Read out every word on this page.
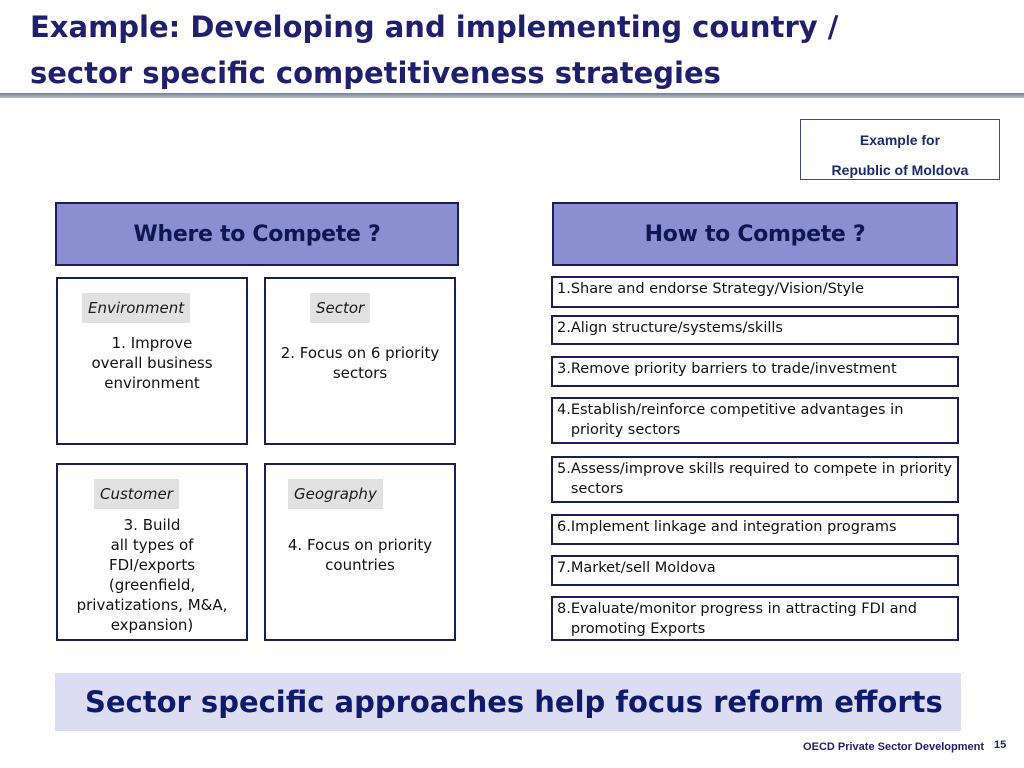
Example: Developing and implementing country /
sector specific competitiveness strategies
Example for
Republic of Moldova
Where to Compete ?	How to Compete ?
Environment
1. Improve
overall business
environment
Sector
2. Focus on 6 priority
sectors
Customer
3. Build
all types of
FDI/exports
(greenfield,
privatizations, M&A,
expansion)
Geography
4. Focus on priority
countries
1. Share and endorse Strategy/Vision/Style
2. Align structure/systems/skills
3. Remove priority barriers to trade/investment
4. Establish/reinforce competitive advantages in priority sectors
5. Assess/improve skills required to compete in priority sectors
6. Implement linkage and integration programs
7. Market/sell Moldova
8. Evaluate/monitor progress in attracting FDI and promoting Exports
Sector specific approaches help focus reform efforts
OECD Private Sector Development 15
